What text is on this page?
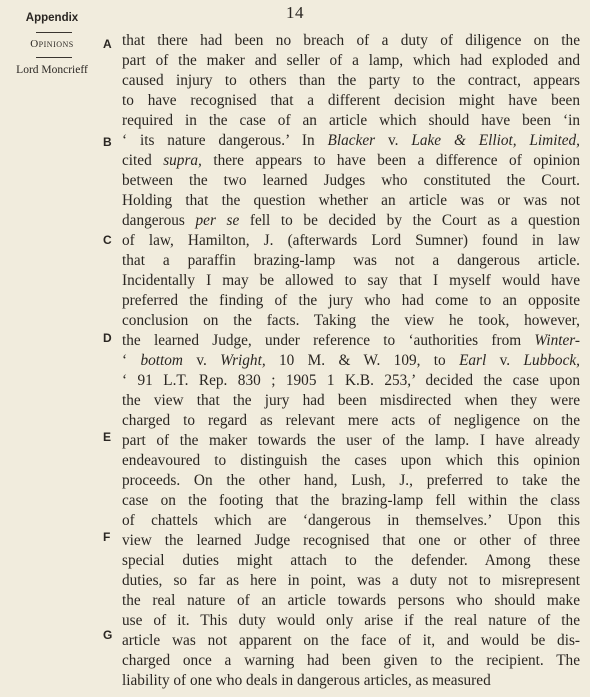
14
Appendix
Opinions
Lord Moncrieff
A
B
C
D
E
F
G
that there had been no breach of a duty of diligence on the
part of the maker and seller of a lamp, which had exploded and
caused injury to others than the party to the contract, appears
to have recognised that a different decision might have been
required in the case of an article which should have been ‘in
‘ its nature dangerous.’ In Blacker v. Lake & Elliot, Limited,
cited supra, there appears to have been a difference of opinion
between the two learned Judges who constituted the Court.
Holding that the question whether an article was or was not
dangerous per se fell to be decided by the Court as a question
of law, Hamilton, J. (afterwards Lord Sumner) found in law
that a paraffin brazing-lamp was not a dangerous article.
Incidentally I may be allowed to say that I myself would have
preferred the finding of the jury who had come to an opposite
conclusion on the facts. Taking the view he took, however,
the learned Judge, under reference to ‘authorities from Winter-
‘ bottom v. Wright, 10 M. & W. 109, to Earl v. Lubbock,
‘ 91 L.T. Rep. 830 ; 1905 1 K.B. 253,’ decided the case upon
the view that the jury had been misdirected when they were
charged to regard as relevant mere acts of negligence on the
part of the maker towards the user of the lamp. I have already
endeavoured to distinguish the cases upon which this opinion
proceeds. On the other hand, Lush, J., preferred to take the
case on the footing that the brazing-lamp fell within the class
of chattels which are ‘dangerous in themselves.’ Upon this
view the learned Judge recognised that one or other of three
special duties might attach to the defender. Among these
duties, so far as here in point, was a duty not to misrepresent
the real nature of an article towards persons who should make
use of it. This duty would only arise if the real nature of the
article was not apparent on the face of it, and would be dis-
charged once a warning had been given to the recipient. The
liability of one who deals in dangerous articles, as measured
